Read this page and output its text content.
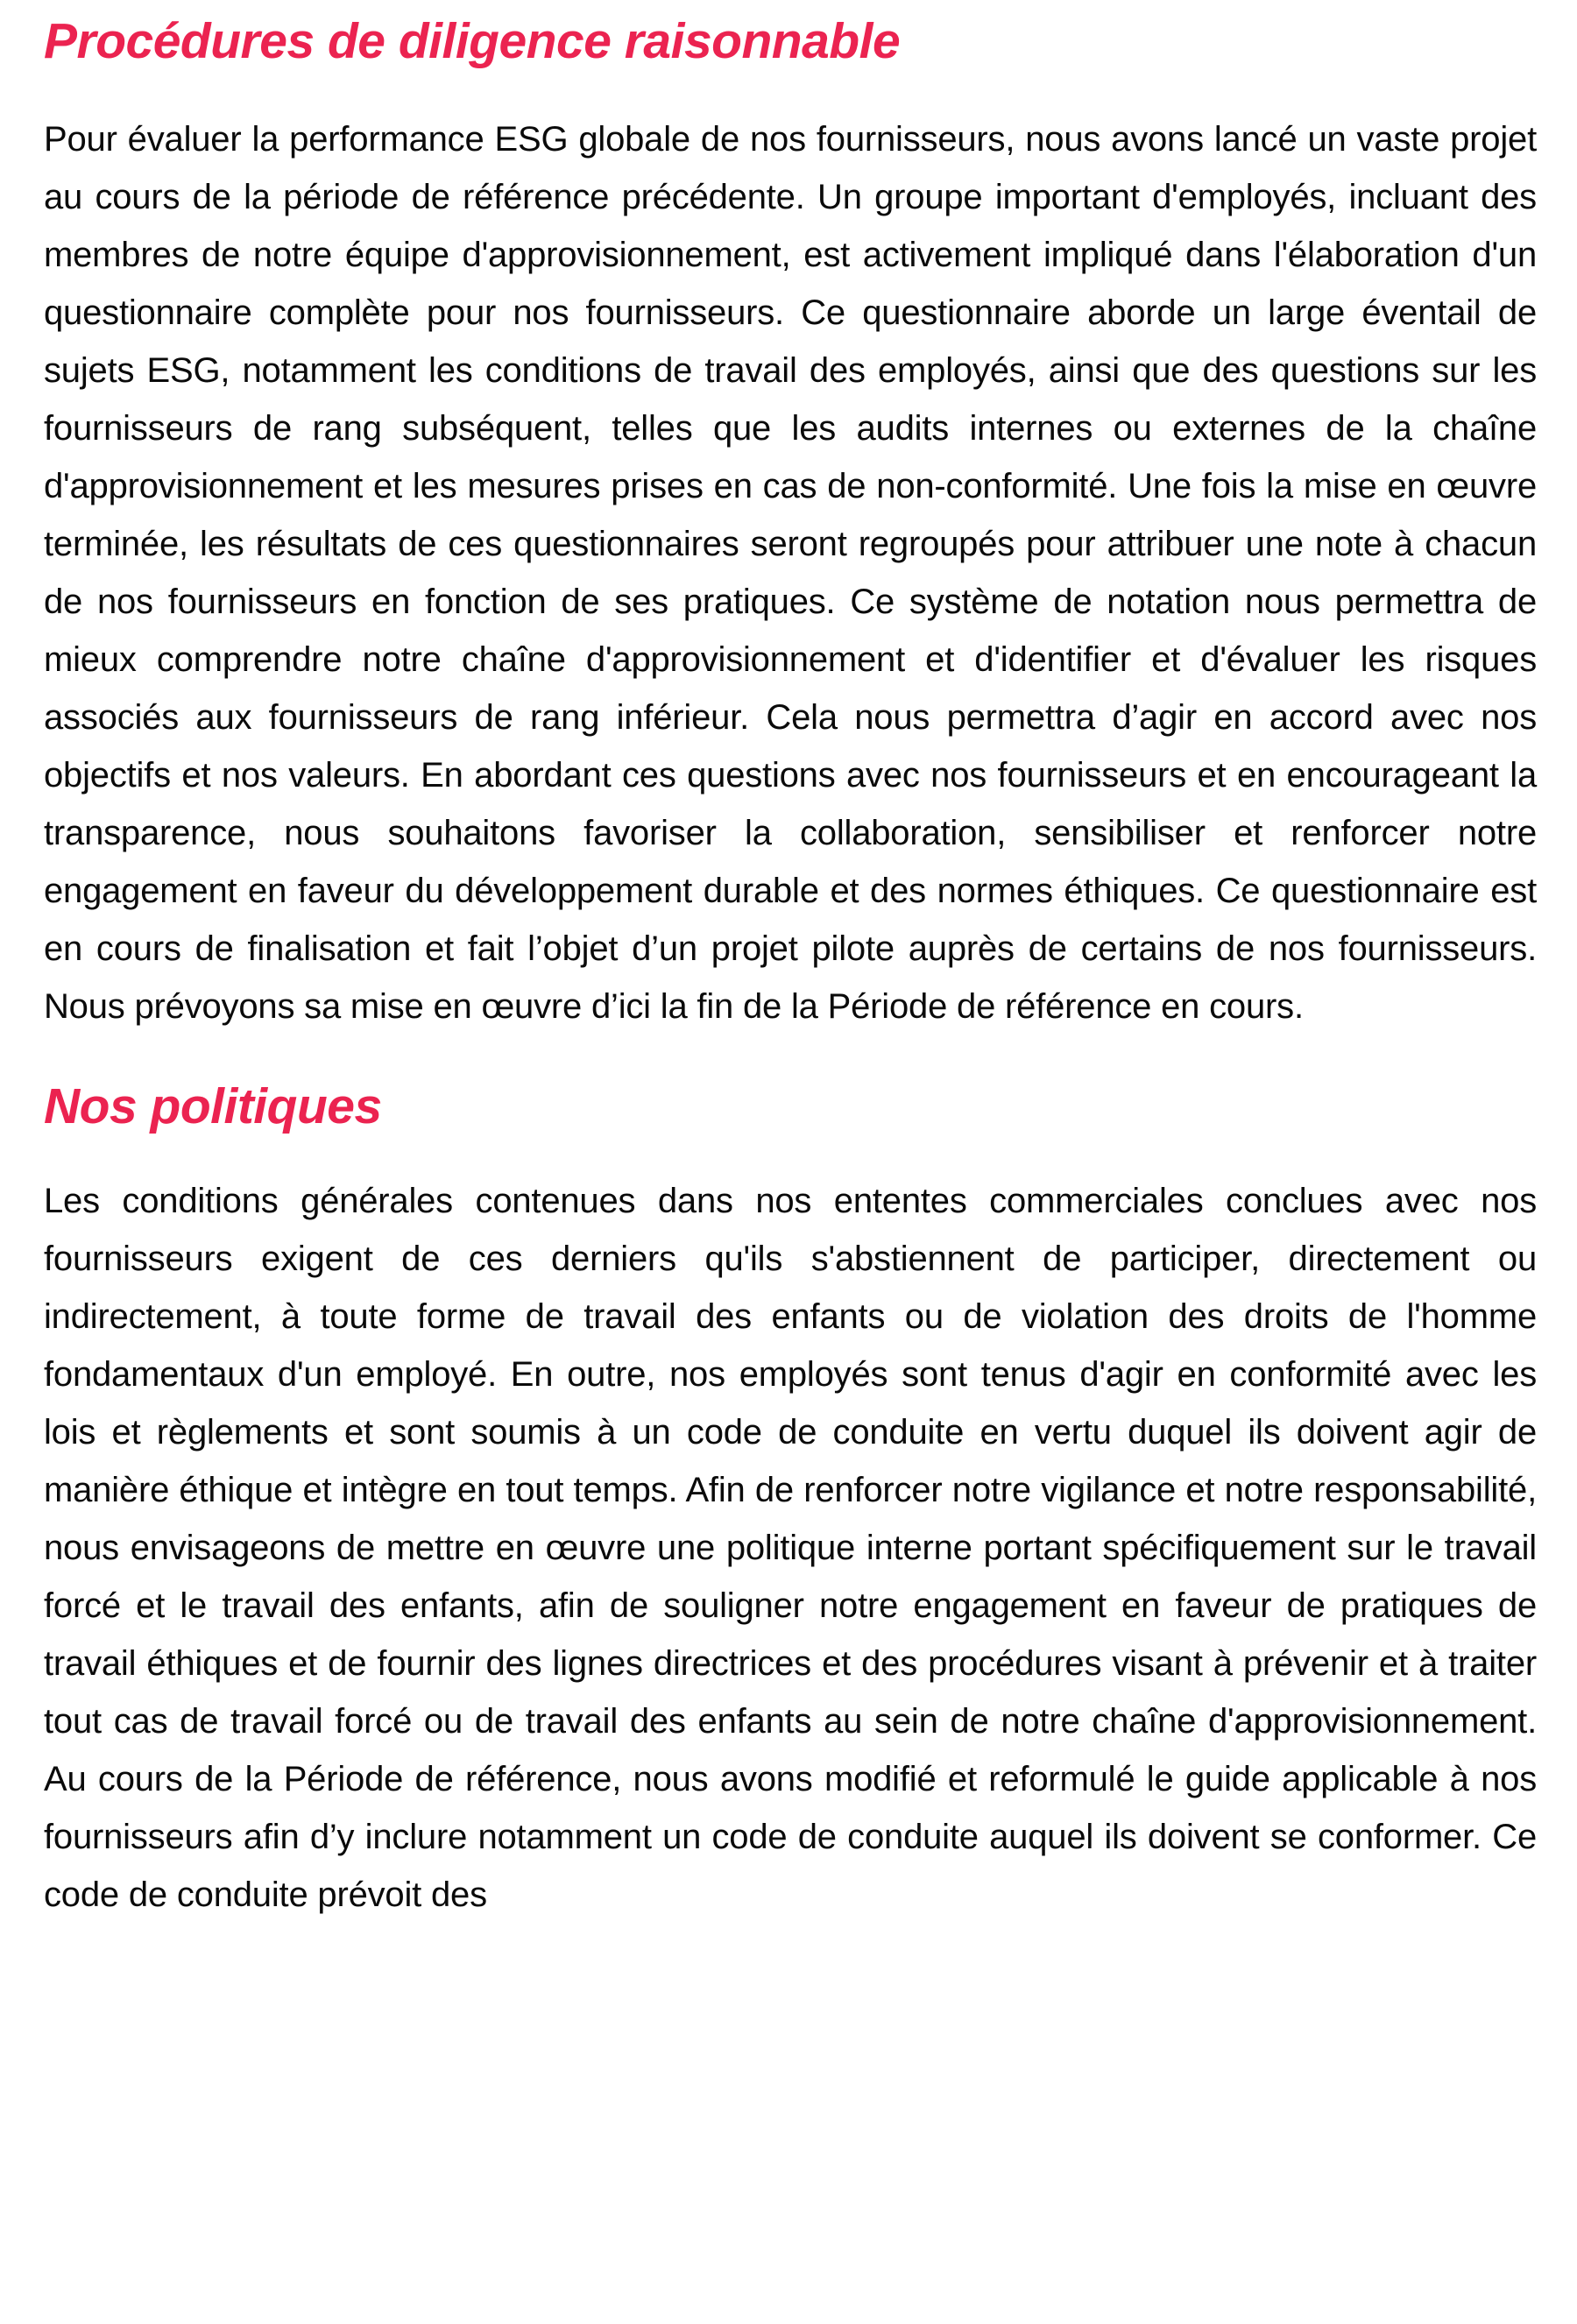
Procédures de diligence raisonnable

Pour évaluer la performance ESG globale de nos fournisseurs, nous avons lancé un vaste projet au cours de la période de référence précédente. Un groupe important d'employés, incluant des membres de notre équipe d'approvisionnement, est activement impliqué dans l'élaboration d'un questionnaire complète pour nos fournisseurs. Ce questionnaire aborde un large éventail de sujets ESG, notamment les conditions de travail des employés, ainsi que des questions sur les fournisseurs de rang subséquent, telles que les audits internes ou externes de la chaîne d'approvisionnement et les mesures prises en cas de non-conformité. Une fois la mise en œuvre terminée, les résultats de ces questionnaires seront regroupés pour attribuer une note à chacun de nos fournisseurs en fonction de ses pratiques. Ce système de notation nous permettra de mieux comprendre notre chaîne d'approvisionnement et d'identifier et d'évaluer les risques associés aux fournisseurs de rang inférieur. Cela nous permettra d’agir en accord avec nos objectifs et nos valeurs. En abordant ces questions avec nos fournisseurs et en encourageant la transparence, nous souhaitons favoriser la collaboration, sensibiliser et renforcer notre engagement en faveur du développement durable et des normes éthiques. Ce questionnaire est en cours de finalisation et fait l’objet d’un projet pilote auprès de certains de nos fournisseurs. Nous prévoyons sa mise en œuvre d’ici la fin de la Période de référence en cours.

Nos politiques

Les conditions générales contenues dans nos ententes commerciales conclues avec nos fournisseurs exigent de ces derniers qu'ils s'abstiennent de participer, directement ou indirectement, à toute forme de travail des enfants ou de violation des droits de l'homme fondamentaux d'un employé. En outre, nos employés sont tenus d'agir en conformité avec les lois et règlements et sont soumis à un code de conduite en vertu duquel ils doivent agir de manière éthique et intègre en tout temps. Afin de renforcer notre vigilance et notre responsabilité, nous envisageons de mettre en œuvre une politique interne portant spécifiquement sur le travail forcé et le travail des enfants, afin de souligner notre engagement en faveur de pratiques de travail éthiques et de fournir des lignes directrices et des procédures visant à prévenir et à traiter tout cas de travail forcé ou de travail des enfants au sein de notre chaîne d'approvisionnement. Au cours de la Période de référence, nous avons modifié et reformulé le guide applicable à nos fournisseurs afin d’y inclure notamment un code de conduite auquel ils doivent se conformer. Ce code de conduite prévoit des
